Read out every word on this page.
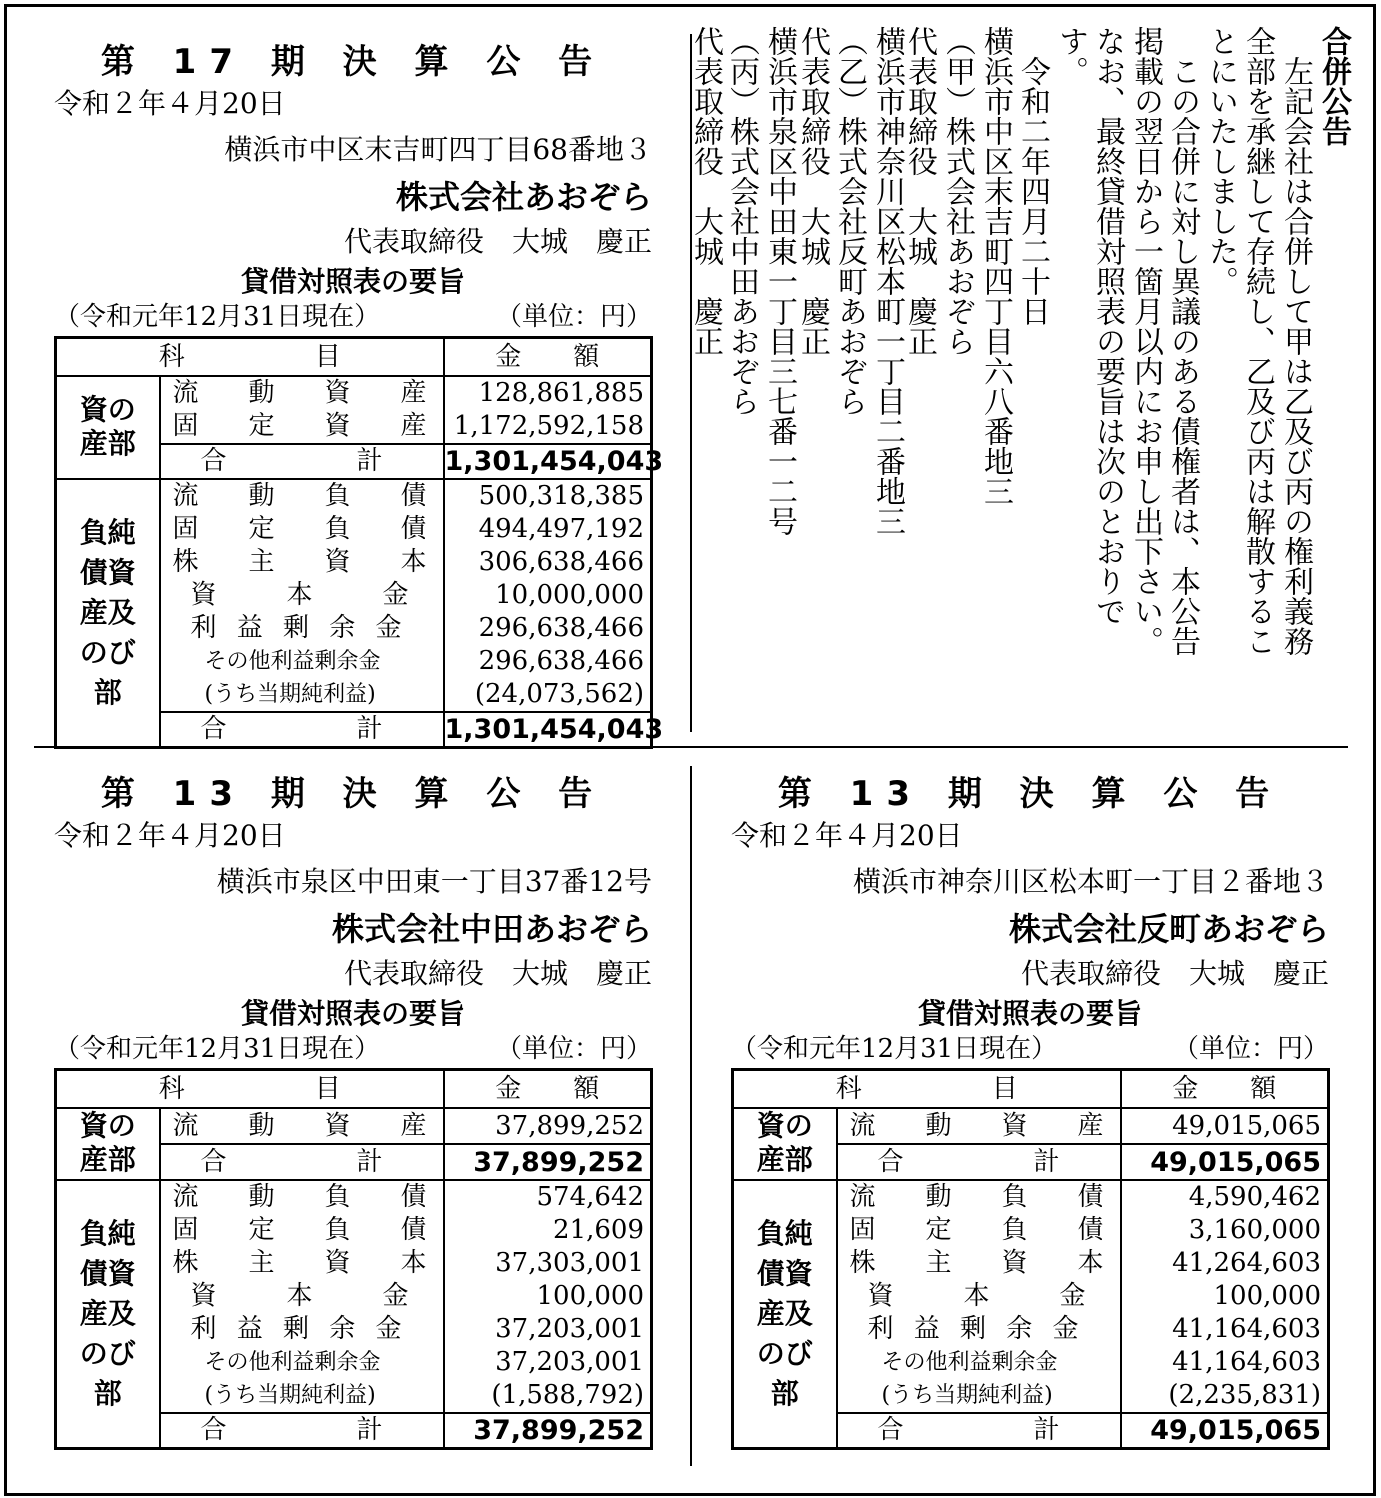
第 17 期 決 算 公 告
令和２年４月20日
横浜市中区末吉町四丁目68番地３
株式会社あおぞら
代表取締役　大城　慶正
貸借対照表の要旨
（令和元年12月31日現在）	（単位：円）
科　　　　　目		金　　額
資の産部	流　動　資　産	128,861,885
	固　定　資　産	1,172,592,158
	合　　　　　計	1,301,454,043
負純債資産及のび部	流　動　負　債	500,318,385
	固　定　負　債	494,497,192
	株　主　資　本	306,638,466
	資　　本　　金	10,000,000
	利 益 剰 余 金	296,638,466
	その他利益剰余金	296,638,466
	(うち当期純利益)	(24,073,562)
	合　　　　　計	1,301,454,043
第 13 期 決 算 公 告
令和２年４月20日
横浜市泉区中田東一丁目37番12号
株式会社中田あおぞら
代表取締役　大城　慶正
貸借対照表の要旨
（令和元年12月31日現在）	（単位：円）
科　　　　　目		金　　額
資の産部	流　動　資　産	37,899,252
	合　　　　　計	37,899,252
負純債資産及のび部	流　動　負　債	574,642
	固　定　負　債	21,609
	株　主　資　本	37,303,001
	資　　本　　金	100,000
	利 益 剰 余 金	37,203,001
	その他利益剰余金	37,203,001
	(うち当期純利益)	(1,588,792)
	合　　　　　計	37,899,252
第 13 期 決 算 公 告
令和２年４月20日
横浜市神奈川区松本町一丁目２番地３
株式会社反町あおぞら
代表取締役　大城　慶正
貸借対照表の要旨
（令和元年12月31日現在）	（単位：円）
科　　　　　目		金　　額
資の産部	流　動　資　産	49,015,065
	合　　　　　計	49,015,065
負純債資産及のび部	流　動　負　債	4,590,462
	固　定　負　債	3,160,000
	株　主　資　本	41,264,603
	資　　本　　金	100,000
	利 益 剰 余 金	41,164,603
	その他利益剰余金	41,164,603
	(うち当期純利益)	(2,235,831)
	合　　　　　計	49,015,065
合併公告
　左記会社は合併して甲は乙及び丙の権利義務
全部を承継して存続し、乙及び丙は解散するこ
とにいたしました。
　この合併に対し異議のある債権者は、本公告
掲載の翌日から一箇月以内にお申し出下さい。
なお、最終貸借対照表の要旨は次のとおりで
す。
　令和二年四月二十日
横浜市中区末吉町四丁目六八番地三
（甲）株式会社あおぞら
代表取締役　大城　慶正
横浜市神奈川区松本町一丁目二番地三
（乙）株式会社反町あおぞら
代表取締役　大城　慶正
横浜市泉区中田東一丁目三七番一二号
（丙）株式会社中田あおぞら
代表取締役　大城　慶正
